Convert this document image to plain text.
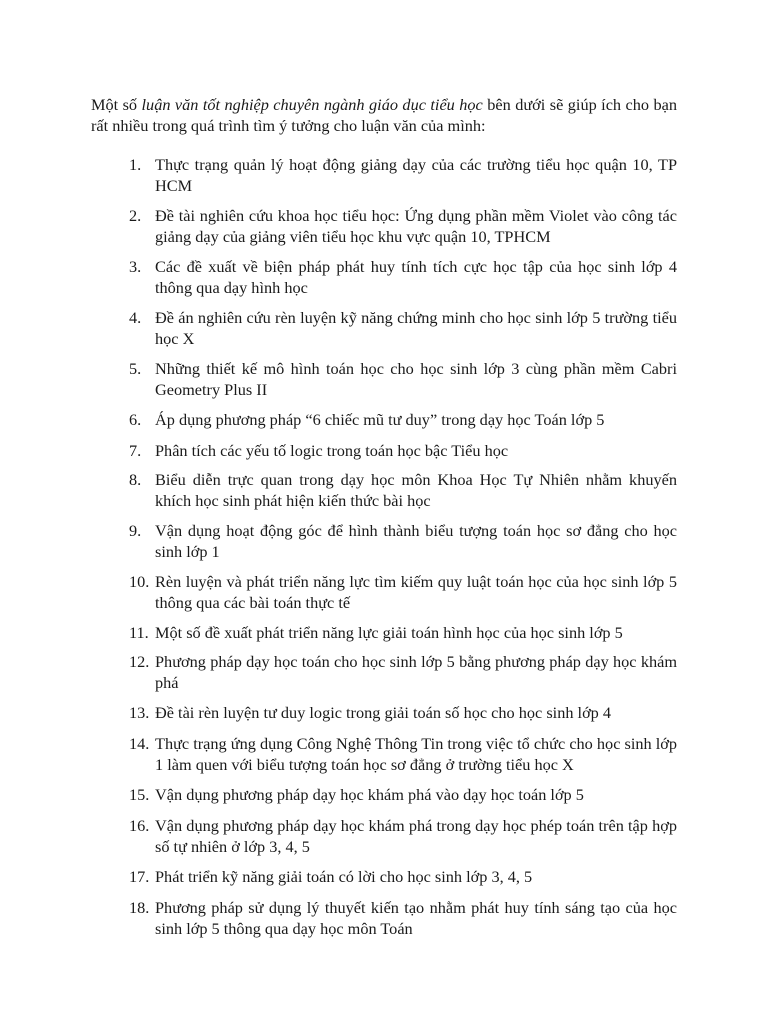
Một số luận văn tốt nghiệp chuyên ngành giáo dục tiểu học bên dưới sẽ giúp ích cho bạn rất nhiều trong quá trình tìm ý tưởng cho luận văn của mình:

1. Thực trạng quản lý hoạt động giảng dạy của các trường tiểu học quận 10, TP HCM
2. Đề tài nghiên cứu khoa học tiểu học: Ứng dụng phần mềm Violet vào công tác giảng dạy của giảng viên tiểu học khu vực quận 10, TPHCM
3. Các đề xuất về biện pháp phát huy tính tích cực học tập của học sinh lớp 4 thông qua dạy hình học
4. Đề án nghiên cứu rèn luyện kỹ năng chứng minh cho học sinh lớp 5 trường tiểu học X
5. Những thiết kế mô hình toán học cho học sinh lớp 3 cùng phần mềm Cabri Geometry Plus II
6. Áp dụng phương pháp “6 chiếc mũ tư duy” trong dạy học Toán lớp 5
7. Phân tích các yếu tố logic trong toán học bậc Tiểu học
8. Biểu diễn trực quan trong dạy học môn Khoa Học Tự Nhiên nhằm khuyến khích học sinh phát hiện kiến thức bài học
9. Vận dụng hoạt động góc để hình thành biểu tượng toán học sơ đẳng cho học sinh lớp 1
10. Rèn luyện và phát triển năng lực tìm kiếm quy luật toán học của học sinh lớp 5 thông qua các bài toán thực tế
11. Một số đề xuất phát triển năng lực giải toán hình học của học sinh lớp 5
12. Phương pháp dạy học toán cho học sinh lớp 5 bằng phương pháp dạy học khám phá
13. Đề tài rèn luyện tư duy logic trong giải toán số học cho học sinh lớp 4
14. Thực trạng ứng dụng Công Nghệ Thông Tin trong việc tổ chức cho học sinh lớp 1 làm quen với biểu tượng toán học sơ đẳng ở trường tiểu học X
15. Vận dụng phương pháp dạy học khám phá vào dạy học toán lớp 5
16. Vận dụng phương pháp dạy học khám phá trong dạy học phép toán trên tập hợp số tự nhiên ở lớp 3, 4, 5
17. Phát triển kỹ năng giải toán có lời cho học sinh lớp 3, 4, 5
18. Phương pháp sử dụng lý thuyết kiến tạo nhằm phát huy tính sáng tạo của học sinh lớp 5 thông qua dạy học môn Toán
